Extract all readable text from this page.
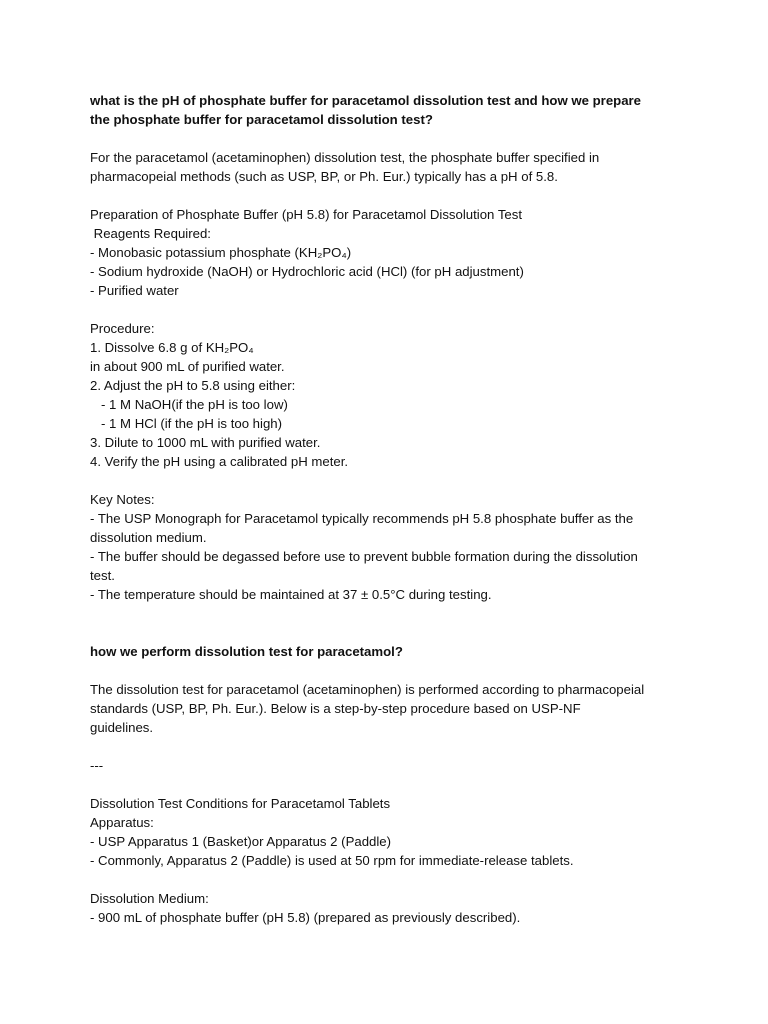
what is the pH of phosphate buffer for paracetamol dissolution test and how we prepare
the phosphate buffer for paracetamol dissolution test?
For the paracetamol (acetaminophen) dissolution test, the phosphate buffer specified in
pharmacopeial methods (such as USP, BP, or Ph. Eur.) typically has a pH of 5.8.
Preparation of Phosphate Buffer (pH 5.8) for Paracetamol Dissolution Test
Reagents Required:
- Monobasic potassium phosphate (KH₂PO₄)
- Sodium hydroxide (NaOH) or Hydrochloric acid (HCl) (for pH adjustment)
- Purified water
Procedure:
1. Dissolve 6.8 g of KH₂PO₄
in about 900 mL of purified water.
2. Adjust the pH to 5.8 using either:
- 1 M NaOH(if the pH is too low)
- 1 M HCl (if the pH is too high)
3. Dilute to 1000 mL with purified water.
4. Verify the pH using a calibrated pH meter.
Key Notes:
- The USP Monograph for Paracetamol typically recommends pH 5.8 phosphate buffer as the
dissolution medium.
- The buffer should be degassed before use to prevent bubble formation during the dissolution
test.
- The temperature should be maintained at 37 ± 0.5°C during testing.
how we perform dissolution test for paracetamol?
The dissolution test for paracetamol (acetaminophen) is performed according to pharmacopeial
standards (USP, BP, Ph. Eur.). Below is a step-by-step procedure based on USP-NF
guidelines.
---
Dissolution Test Conditions for Paracetamol Tablets
Apparatus:
- USP Apparatus 1 (Basket)or Apparatus 2 (Paddle)
- Commonly, Apparatus 2 (Paddle) is used at 50 rpm for immediate-release tablets.
Dissolution Medium:
- 900 mL of phosphate buffer (pH 5.8) (prepared as previously described).
